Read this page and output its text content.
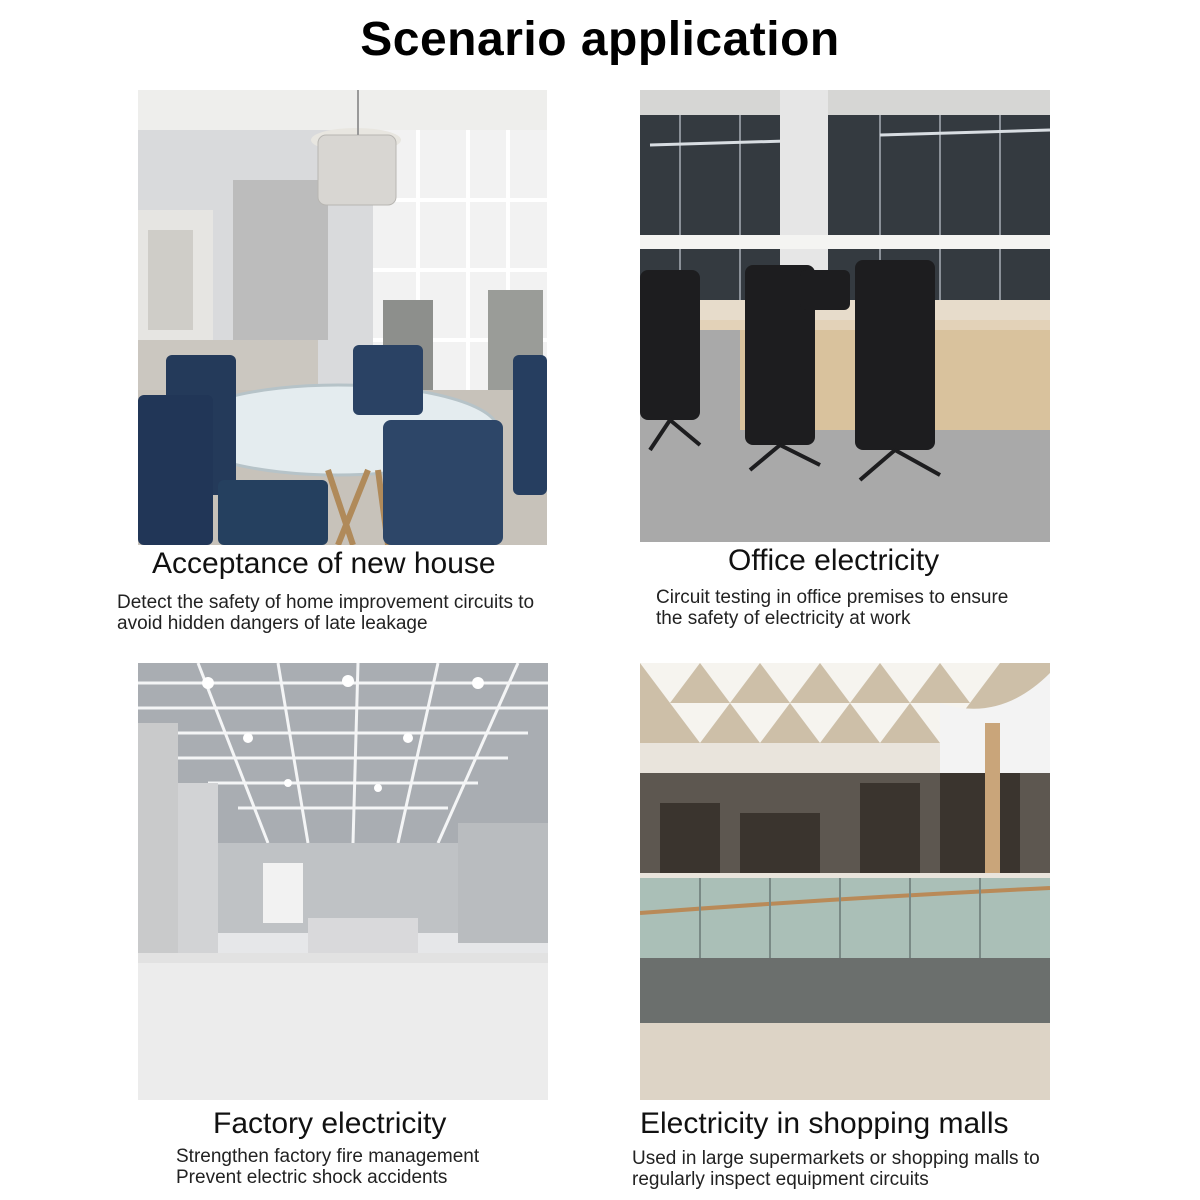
Scenario application
Acceptance of new house
Detect the safety of home improvement circuits to
avoid hidden dangers of late leakage
Office electricity
Circuit testing in office premises to ensure
the safety of electricity at work
Factory electricity
Strengthen factory fire management
Prevent electric shock accidents
Electricity in shopping malls
Used in large supermarkets or shopping malls to
regularly inspect equipment circuits
